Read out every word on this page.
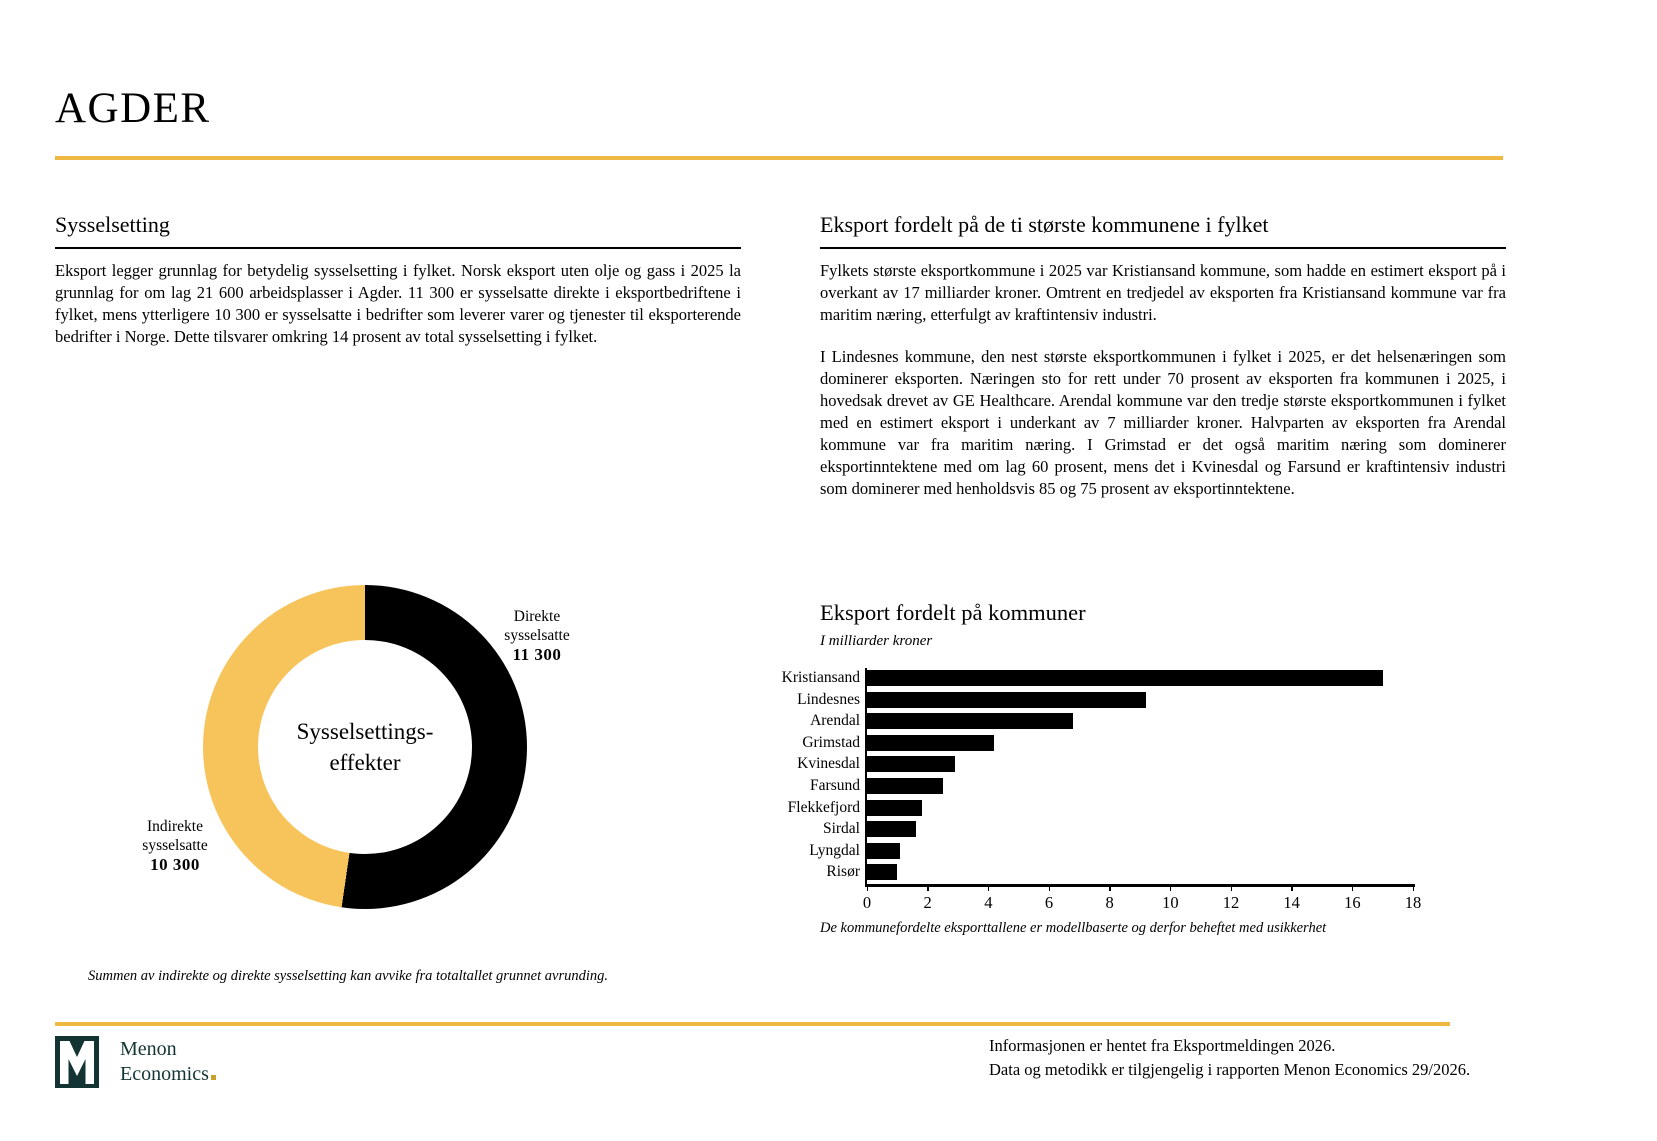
AGDER
Sysselsetting
Eksport legger grunnlag for betydelig sysselsetting i fylket. Norsk eksport uten olje og gass i 2025 la grunnlag for om lag 21 600 arbeidsplasser i Agder. 11 300 er sysselsatte direkte i eksportbedriftene i fylket, mens ytterligere 10 300 er sysselsatte i bedrifter som leverer varer og tjenester til eksporterende bedrifter i Norge. Dette tilsvarer omkring 14 prosent av total sysselsetting i fylket.
Eksport fordelt på de ti største kommunene i fylket
Fylkets største eksportkommune i 2025 var Kristiansand kommune, som hadde en estimert eksport på i overkant av 17 milliarder kroner. Omtrent en tredjedel av eksporten fra Kristiansand kommune var fra maritim næring, etterfulgt av kraftintensiv industri.
I Lindesnes kommune, den nest største eksportkommunen i fylket i 2025, er det helsenæringen som dominerer eksporten. Næringen sto for rett under 70 prosent av eksporten fra kommunen i 2025, i hovedsak drevet av GE Healthcare. Arendal kommune var den tredje største eksportkommunen i fylket med en estimert eksport i underkant av 7 milliarder kroner. Halvparten av eksporten fra Arendal kommune var fra maritim næring. I Grimstad er det også maritim næring som dominerer eksportinntektene med om lag 60 prosent, mens det i Kvinesdal og Farsund er kraftintensiv industri som dominerer med henholdsvis 85 og 75 prosent av eksportinntektene.
Sysselsettings-
effekter
Direkte
sysselsatte
11 300
Indirekte
sysselsatte
10 300
Summen av indirekte og direkte sysselsetting kan avvike fra totaltallet grunnet avrunding.
Eksport fordelt på kommuner
I milliarder kroner
Kristiansand
Lindesnes
Arendal
Grimstad
Kvinesdal
Farsund
Flekkefjord
Sirdal
Lyngdal
Risør
0	2	4	6	8	10	12	14	16	18
De kommunefordelte eksporttallene er modellbaserte og derfor beheftet med usikkerhet
Menon
Economics
Informasjonen er hentet fra Eksportmeldingen 2026.
Data og metodikk er tilgjengelig i rapporten Menon Economics 29/2026.
